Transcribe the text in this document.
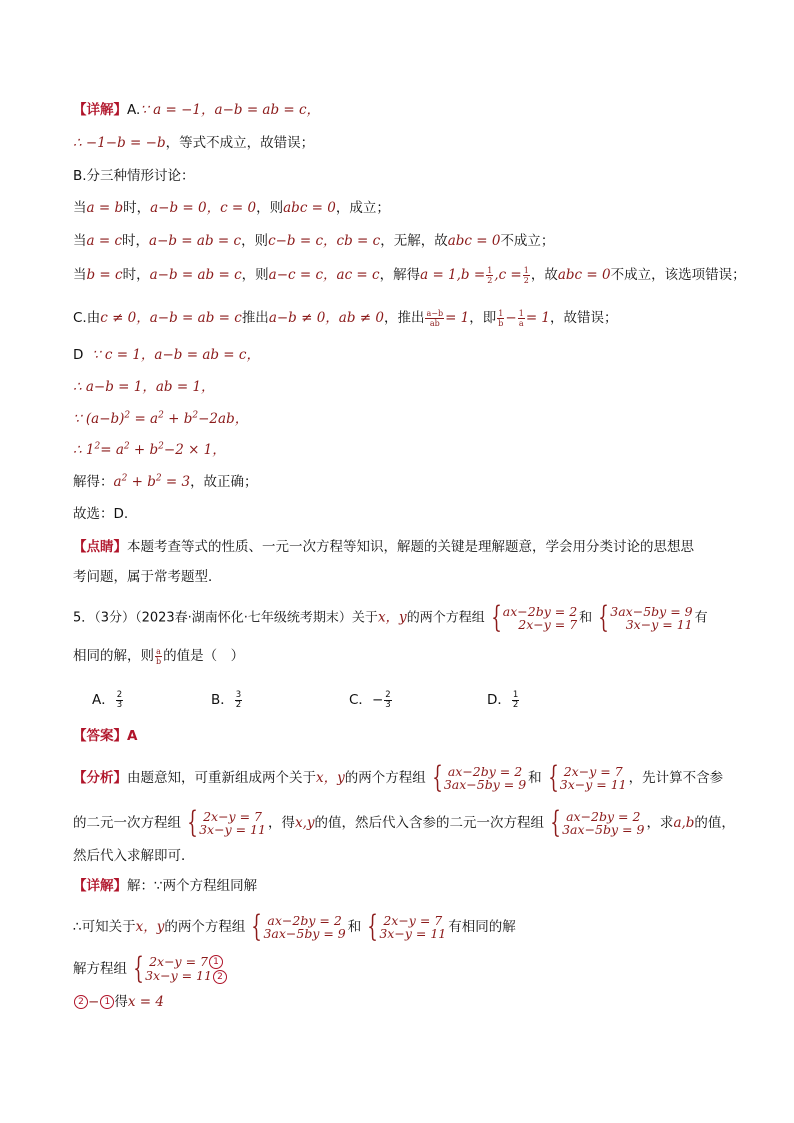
【详解】A.∵ a = −1，a−b = ab = c，
∴ −1−b = −b，等式不成立，故错误；
B.分三种情形讨论：
当a = b时，a−b = 0，c = 0，则abc = 0，成立；
当a = c时，a−b = ab = c，则c−b = c，cb = c，无解，故abc = 0不成立；
当b = c时，a−b = ab = c，则a−c = c，ac = c，解得$a = 1,b = \frac{1}{2} ,c = \frac{1}{2}$ ，故abc = 0不成立，该选项错误；
C.由c ≠ 0，a−b = ab = c推出a−b ≠ 0，ab ≠ 0，推出 $\frac{a-b}{ab} = 1$，即 $\frac{1}{b} - \frac{1}{a} = 1$，故错误；
D ∵ c = 1，a−b = ab = c，
∴ a−b = 1，ab = 1，
∵ $(a-b)^2 = a^2 + b^2-2ab$，
∴ $1^2= a^2 + b^2-2 \times 1$，
解得：$a^2 + b^2 = 3$，故正确；
故选：D.
【点睛】本题考查等式的性质、一元一次方程等知识，解题的关键是理解题意，学会用分类讨论的思想思
考问题，属于常考题型．
5．（3分）（2023春·湖南怀化·七年级统考期末）关于x，y的两个方程组 { ax−2by = 2
2x−y = 7 和 { 3ax−5by = 9
3x−y = 11 有
相同的解，则 $\frac{a}{b}$ 的值是（　）
A． $\frac{2}{3}$	B． $\frac{3}{2}$	C．− $\frac{2}{3}$	D． $\frac{1}{2}$
【答案】A
【分析】由题意知，可重新组成两个关于x，y的两个方程组 { ax−2by = 2
3ax−5by = 9 和 { 2x−y = 7
3x−y = 11 ，先计算不含参
的二元一次方程组 { 2x−y = 7
3x−y = 11 ，得x,y的值，然后代入含参的二元一次方程组 { ax−2by = 2
3ax−5by = 9 ，求a,b的值，
然后代入求解即可．
【详解】解：∵两个方程组同解
∴可知关于x，y的两个方程组 { ax−2by = 2
3ax−5by = 9 和 { 2x−y = 7
3x−y = 11 有相同的解
解方程组 { 2x−y = 7 1
3x−y = 11 2
2 − 1 得x = 4
